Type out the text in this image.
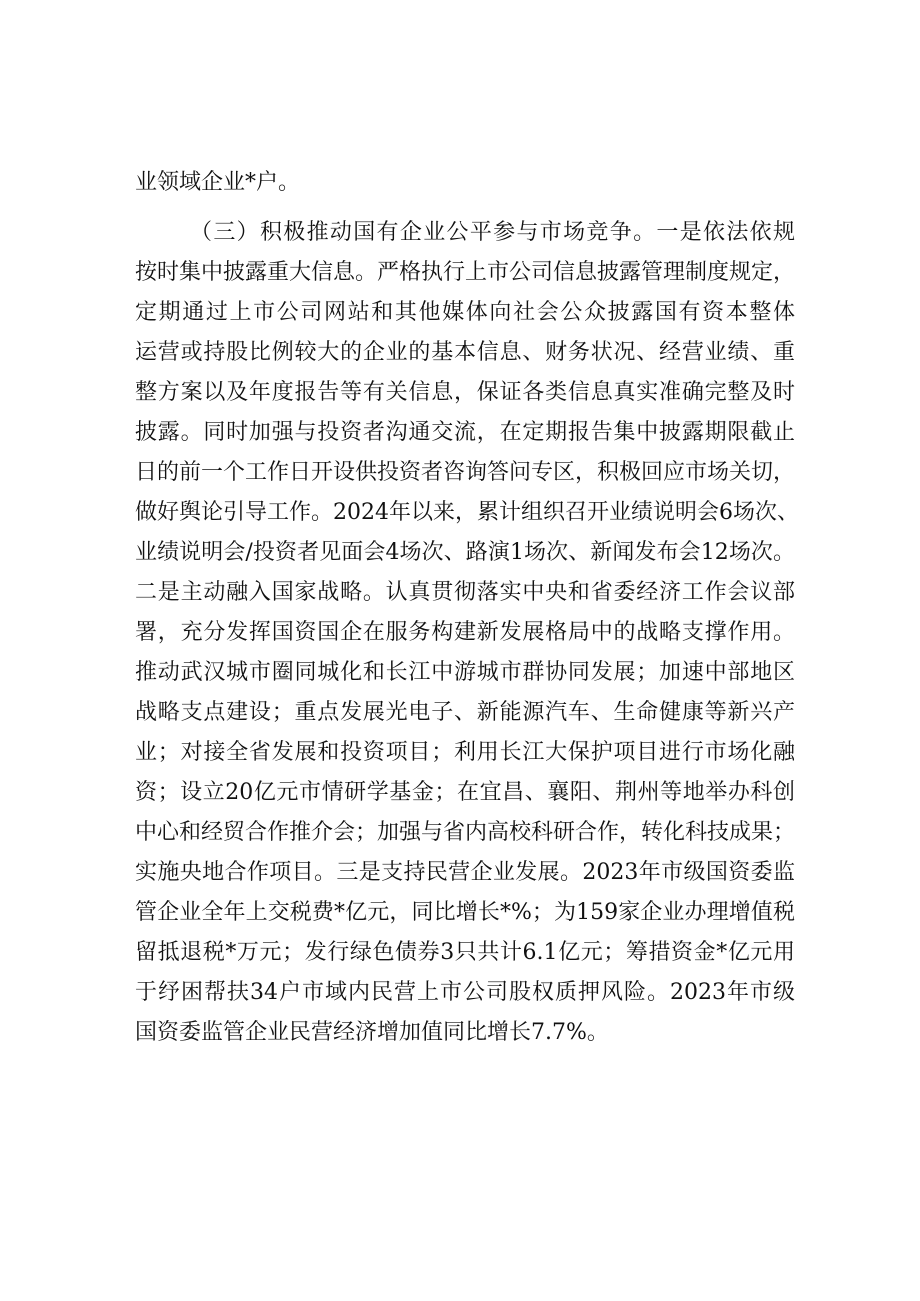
业领域企业*户。
（三）积极推动国有企业公平参与市场竞争。一是依法依规
按时集中披露重大信息。严格执行上市公司信息披露管理制度规定，
定期通过上市公司网站和其他媒体向社会公众披露国有资本整体
运营或持股比例较大的企业的基本信息、财务状况、经营业绩、重
整方案以及年度报告等有关信息，保证各类信息真实准确完整及时
披露。同时加强与投资者沟通交流，在定期报告集中披露期限截止
日的前一个工作日开设供投资者咨询答问专区，积极回应市场关切，
做好舆论引导工作。2024年以来，累计组织召开业绩说明会6场次、
业绩说明会/投资者见面会4场次、路演1场次、新闻发布会12场次。
二是主动融入国家战略。认真贯彻落实中央和省委经济工作会议部
署，充分发挥国资国企在服务构建新发展格局中的战略支撑作用。
推动武汉城市圈同城化和长江中游城市群协同发展；加速中部地区
战略支点建设；重点发展光电子、新能源汽车、生命健康等新兴产
业；对接全省发展和投资项目；利用长江大保护项目进行市场化融
资；设立20亿元市情研学基金；在宜昌、襄阳、荆州等地举办科创
中心和经贸合作推介会；加强与省内高校科研合作，转化科技成果；
实施央地合作项目。三是支持民营企业发展。2023年市级国资委监
管企业全年上交税费*亿元，同比增长*%；为159家企业办理增值税
留抵退税*万元；发行绿色债券3只共计6.1亿元；筹措资金*亿元用
于纾困帮扶34户市域内民营上市公司股权质押风险。2023年市级
国资委监管企业民营经济增加值同比增长7.7%。
